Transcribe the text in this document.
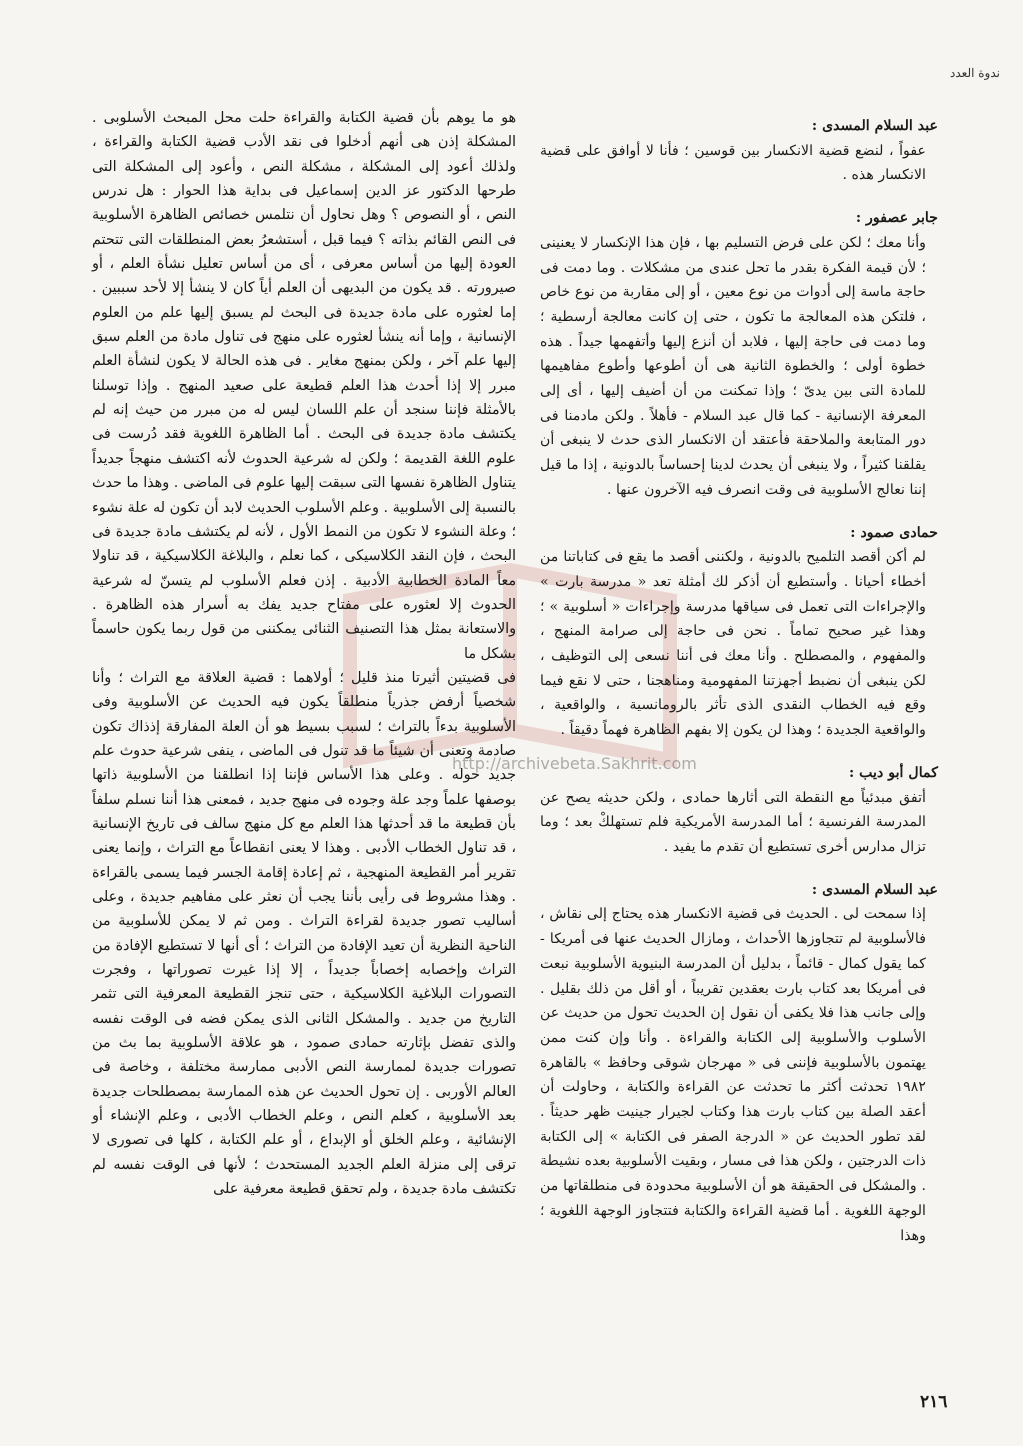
ندوة العدد
http://archivebeta.Sakhrit.com

عبد السلام المسدى :

عفواً ، لنضع قضية الانكسار بين قوسين ؛ فأنا لا أوافق على قضية الانكسار هذه .

جابر عصفور :

وأنا معك ؛ لكن على فرض التسليم بها ، فإن هذا الإنكسار لا يعنينى ؛ لأن قيمة الفكرة بقدر ما تحل عندى من مشكلات . وما دمت فى حاجة ماسة إلى أدوات من نوع معين ، أو إلى مقاربة من نوع خاص ، فلتكن هذه المعالجة ما تكون ، حتى إن كانت معالجة أرسطية ؛ وما دمت فى حاجة إليها ، فلابد أن أنزع إليها وأتفهمها جيداً . هذه خطوة أولى ؛ والخطوة الثانية هى أن أطوعها وأطوع مفاهيمها للمادة التى بين يدىّ ؛ وإذا تمكنت من أن أضيف إليها ، أى إلى المعرفة الإنسانية - كما قال عبد السلام - فأهلاً . ولكن مادمنا فى دور المتابعة والملاحقة فأعتقد أن الانكسار الذى حدث لا ينبغى أن يقلقنا كثيراً ، ولا ينبغى أن يحدث لدينا إحساساً بالدونية ، إذا ما قيل إننا نعالج الأسلوبية فى وقت انصرف فيه الآخرون عنها .

حمادى صمود :

لم أكن أقصد التلميح بالدونية ، ولكننى أقصد ما يقع فى كتاباتنا من أخطاء أحيانا . وأستطيع أن أذكر لك أمثلة تعد « مدرسة بارت » والإجراءات التى تعمل فى سياقها مدرسة وإجراءات « أسلوبية » ؛ وهذا غير صحيح تماماً . نحن فى حاجة إلى صرامة المنهج ، والمفهوم ، والمصطلح . وأنا معك فى أننا نسعى إلى التوظيف ، لكن ينبغى أن نضبط أجهزتنا المفهومية ومناهجنا ، حتى لا نقع فيما وقع فيه الخطاب النقدى الذى تأثر بالرومانسية ، والواقعية ، والواقعية الجديدة ؛ وهذا لن يكون إلا بفهم الظاهرة فهماً دقيقاً .

كمال أبو ديب :

أتفق مبدئياً مع النقطة التى أثارها حمادى ، ولكن حديثه يصح عن المدرسة الفرنسية ؛ أما المدرسة الأمريكية فلم تستهلكْ بعد ؛ وما تزال مدارس أخرى تستطيع أن تقدم ما يفيد .

عبد السلام المسدى :

إذا سمحت لى . الحديث فى قضية الانكسار هذه يحتاج إلى نقاش ، فالأسلوبية لم تتجاوزها الأحداث ، ومازال الحديث عنها فى أمريكا - كما يقول كمال - قائماً ، بدليل أن المدرسة البنيوية الأسلوبية نبعت فى أمريكا بعد كتاب بارت بعقدين تقريباً ، أو أقل من ذلك بقليل . وإلى جانب هذا فلا يكفى أن نقول إن الحديث تحول من حديث عن الأسلوب والأسلوبية إلى الكتابة والقراءة . وأنا وإن كنت ممن يهتمون بالأسلوبية فإننى فى « مهرجان شوقى وحافظ » بالقاهرة ١٩٨٢ تحدثت أكثر ما تحدثت عن القراءة والكتابة ، وحاولت أن أعقد الصلة بين كتاب بارت هذا وكتاب لجيرار جينيت ظهر حديثاً . لقد تطور الحديث عن « الدرجة الصفر فى الكتابة » إلى الكتابة ذات الدرجتين ، ولكن هذا فى مسار ، وبقيت الأسلوبية بعده نشيطة . والمشكل فى الحقيقة هو أن الأسلوبية محدودة فى منطلقاتها من الوجهة اللغوية . أما قضية القراءة والكتابة فتتجاوز الوجهة اللغوية ؛ وهذا

هو ما يوهم بأن قضية الكتابة والقراءة حلت محل المبحث الأسلوبى . المشكلة إذن هى أنهم أدخلوا فى نقد الأدب قضية الكتابة والقراءة ، ولذلك أعود إلى المشكلة ، مشكلة النص ، وأعود إلى المشكلة التى طرحها الدكتور عز الدين إسماعيل فى بداية هذا الحوار : هل ندرس النص ، أو النصوص ؟ وهل نحاول أن نتلمس خصائص الظاهرة الأسلوبية فى النص القائم بذاته ؟ فيما قبل ، أستشعرُ بعض المنطلقات التى تتحتم العودة إليها من أساس معرفى ، أى من أساس تعليل نشأة العلم ، أو صيرورته . قد يكون من البديهى أن العلم أياً كان لا ينشأ إلا لأحد سببين . إما لعثوره على مادة جديدة فى البحث لم يسبق إليها علم من العلوم الإنسانية ، وإما أنه ينشأ لعثوره على منهج فى تناول مادة من العلم سبق إليها علم آخر ، ولكن بمنهج مغاير . فى هذه الحالة لا يكون لنشأة العلم مبرر إلا إذا أحدث هذا العلم قطيعة على صعيد المنهج . وإذا توسلنا بالأمثلة فإننا سنجد أن علم اللسان ليس له من مبرر من حيث إنه لم يكتشف مادة جديدة فى البحث . أما الظاهرة اللغوية فقد دُرست فى علوم اللغة القديمة ؛ ولكن له شرعية الحدوث لأنه اكتشف منهجاً جديداً يتناول الظاهرة نفسها التى سبقت إليها علوم فى الماضى . وهذا ما حدث بالنسبة إلى الأسلوبية . وعلم الأسلوب الحديث لابد أن تكون له علة نشوء ؛ وعلة النشوء لا تكون من النمط الأول ، لأنه لم يكتشف مادة جديدة فى البحث ، فإن النقد الكلاسيكى ، كما نعلم ، والبلاغة الكلاسيكية ، قد تناولا معاً المادة الخطابية الأدبية . إذن فعلم الأسلوب لم يتسنّ له شرعية الحدوث إلا لعثوره على مفتاح جديد يفك به أسرار هذه الظاهرة . والاستعانة بمثل هذا التصنيف الثنائى يمكننى من قول ربما يكون حاسماً بشكل ما

فى قضيتين أثيرتا منذ قليل ؛ أولاهما : قضية العلاقة مع التراث ؛ وأنا شخصياً أرفض جذرياً منطلقاً يكون فيه الحديث عن الأسلوبية وفى الأسلوبية بدءاً بالتراث ؛ لسبب بسيط هو أن العلة المفارقة إذذاك تكون صادمة وتعنى أن شيئاً ما قد تنول فى الماضى ، ينفى شرعية حدوث علم جديد حوله . وعلى هذا الأساس فإننا إذا انطلقنا من الأسلوبية ذاتها بوصفها علماً وجد علة وجوده فى منهج جديد ، فمعنى هذا أننا نسلم سلفاً بأن قطيعة ما قد أحدثها هذا العلم مع كل منهج سالف فى تاريخ الإنسانية ، قد تناول الخطاب الأدبى . وهذا لا يعنى انقطاعاً مع التراث ، وإنما يعنى تقرير أمر القطيعة المنهجية ، ثم إعادة إقامة الجسر فيما يسمى بالقراءة . وهذا مشروط فى رأيى بأننا يجب أن نعثر على مفاهيم جديدة ، وعلى أساليب تصور جديدة لقراءة التراث . ومن ثم لا يمكن للأسلوبية من الناحية النظرية أن تعيد الإفادة من التراث ؛ أى أنها لا تستطيع الإفادة من التراث وإخصابه إخصاباً جديداً ، إلا إذا غيرت تصوراتها ، وفجرت التصورات البلاغية الكلاسيكية ، حتى تنجز القطيعة المعرفية التى تثمر التاريخ من جديد . والمشكل الثانى الذى يمكن فضه فى الوقت نفسه والذى تفضل بإثارته حمادى صمود ، هو علاقة الأسلوبية بما بث من تصورات جديدة لممارسة النص الأدبى ممارسة مختلفة ، وخاصة فى العالم الأوربى . إن تحول الحديث عن هذه الممارسة بمصطلحات جديدة بعد الأسلوبية ، كعلم النص ، وعلم الخطاب الأدبى ، وعلم الإنشاء أو الإنشائية ، وعلم الخلق أو الإبداع ، أو علم الكتابة ، كلها فى تصورى لا ترقى إلى منزلة العلم الجديد المستحدث ؛ لأنها فى الوقت نفسه لم تكتشف مادة جديدة ، ولم تحقق قطيعة معرفية على

٢١٦
